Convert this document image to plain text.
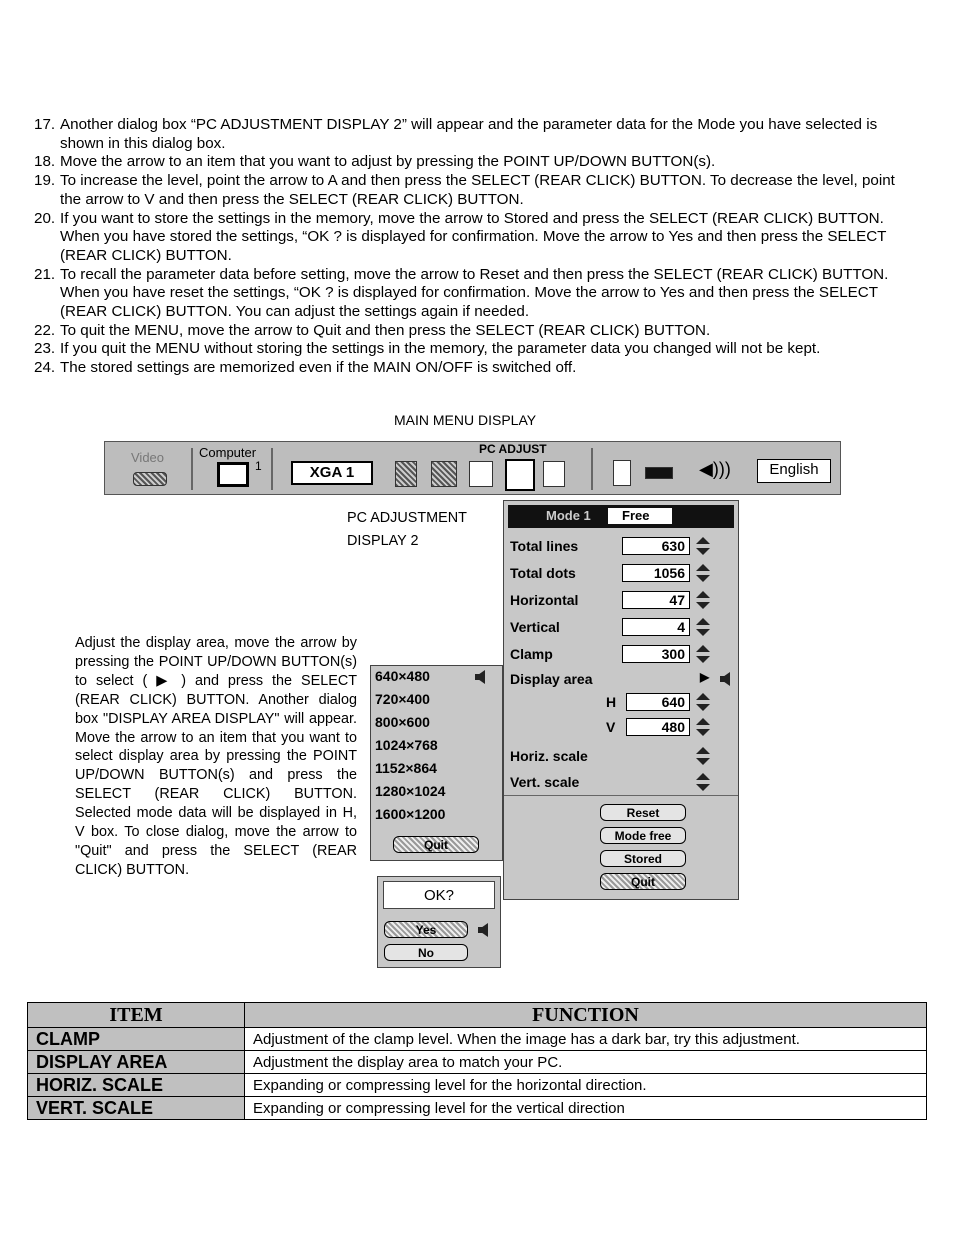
17. Another dialog box “PC ADJUSTMENT DISPLAY 2” will appear and the parameter data for the Mode you have selected is shown in this dialog box.
18. Move the arrow to an item that you want to adjust by pressing the POINT UP/DOWN BUTTON(s).
19. To increase the level, point the arrow to A and then press the SELECT (REAR CLICK) BUTTON. To decrease the level, point the arrow to V and then press the SELECT (REAR CLICK) BUTTON.
20. If you want to store the settings in the memory, move the arrow to Stored and press the SELECT (REAR CLICK) BUTTON. When you have stored the settings, “OK ? is displayed for confirmation. Move the arrow to Yes and then press the SELECT (REAR CLICK) BUTTON.
21. To recall the parameter data before setting, move the arrow to Reset and then press the SELECT (REAR CLICK) BUTTON. When you have reset the settings, “OK ? is displayed for confirmation. Move the arrow to Yes and then press the SELECT (REAR CLICK) BUTTON. You can adjust the settings again if needed.
22. To quit the MENU, move the arrow to Quit and then press the SELECT (REAR CLICK) BUTTON.
23. If you quit the MENU without storing the settings in the memory, the parameter data you changed will not be kept.
24. The stored settings are memorized even if the MAIN ON/OFF is switched off.
MAIN MENU DISPLAY
Video	Computer
1
PC ADJUST
XGA 1	◀)))	English
PC ADJUSTMENT
DISPLAY 2
Mode 1	Free
Total lines	630
Total dots	1056
Horizontal	47
Vertical	4
Clamp	300
Display area	▶
H	640
V	480
Horiz. scale
Vert. scale
Reset
Mode free
Stored
Quit
640×480
720×400
800×600
1024×768
1152×864
1280×1024
1600×1200
Quit
OK?
Yes
No
Adjust the display area, move the arrow by pressing the POINT UP/DOWN BUTTON(s) to select ( ▶ ) and press the SELECT (REAR CLICK) BUTTON. Another dialog box "DISPLAY AREA DISPLAY" will appear. Move the arrow to an item that you want to select display area by pressing the POINT UP/DOWN BUTTON(s) and press the SELECT (REAR CLICK) BUTTON. Selected mode data will be displayed in H, V box. To close dialog, move the arrow to "Quit" and press the SELECT (REAR CLICK) BUTTON.
ITEM	FUNCTION
CLAMP	Adjustment of the clamp level. When the image has a dark bar, try this adjustment.
DISPLAY AREA	Adjustment the display area to match your PC.
HORIZ. SCALE	Expanding or compressing level for the horizontal direction.
VERT. SCALE	Expanding or compressing level for the vertical direction
